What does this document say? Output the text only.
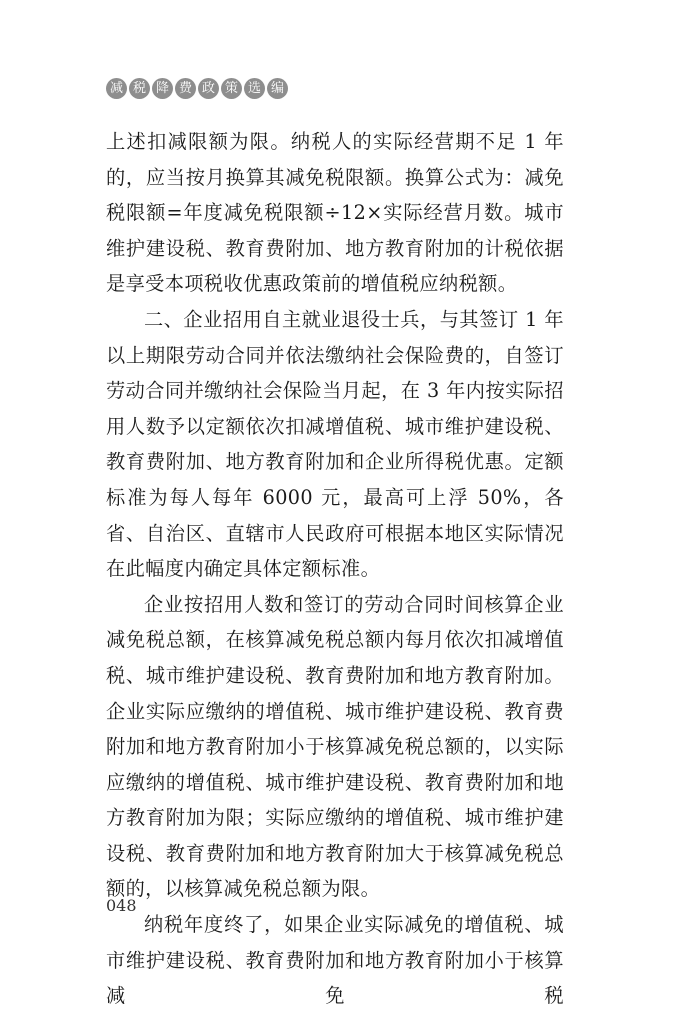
减 税 降 费 政 策 选 编

上述扣减限额为限。纳税人的实际经营期不足 1 年的，应当按月换算其减免税限额。换算公式为：减免税限额=年度减免税限额÷12×实际经营月数。城市维护建设税、教育费附加、地方教育附加的计税依据是享受本项税收优惠政策前的增值税应纳税额。

二、企业招用自主就业退役士兵，与其签订 1 年以上期限劳动合同并依法缴纳社会保险费的，自签订劳动合同并缴纳社会保险当月起，在 3 年内按实际招用人数予以定额依次扣减增值税、城市维护建设税、教育费附加、地方教育附加和企业所得税优惠。定额标准为每人每年 6000 元，最高可上浮 50%，各省、自治区、直辖市人民政府可根据本地区实际情况在此幅度内确定具体定额标准。

企业按招用人数和签订的劳动合同时间核算企业减免税总额，在核算减免税总额内每月依次扣减增值税、城市维护建设税、教育费附加和地方教育附加。企业实际应缴纳的增值税、城市维护建设税、教育费附加和地方教育附加小于核算减免税总额的，以实际应缴纳的增值税、城市维护建设税、教育费附加和地方教育附加为限；实际应缴纳的增值税、城市维护建设税、教育费附加和地方教育附加大于核算减免税总额的，以核算减免税总额为限。

纳税年度终了，如果企业实际减免的增值税、城市维护建设税、教育费附加和地方教育附加小于核算减免税

048
